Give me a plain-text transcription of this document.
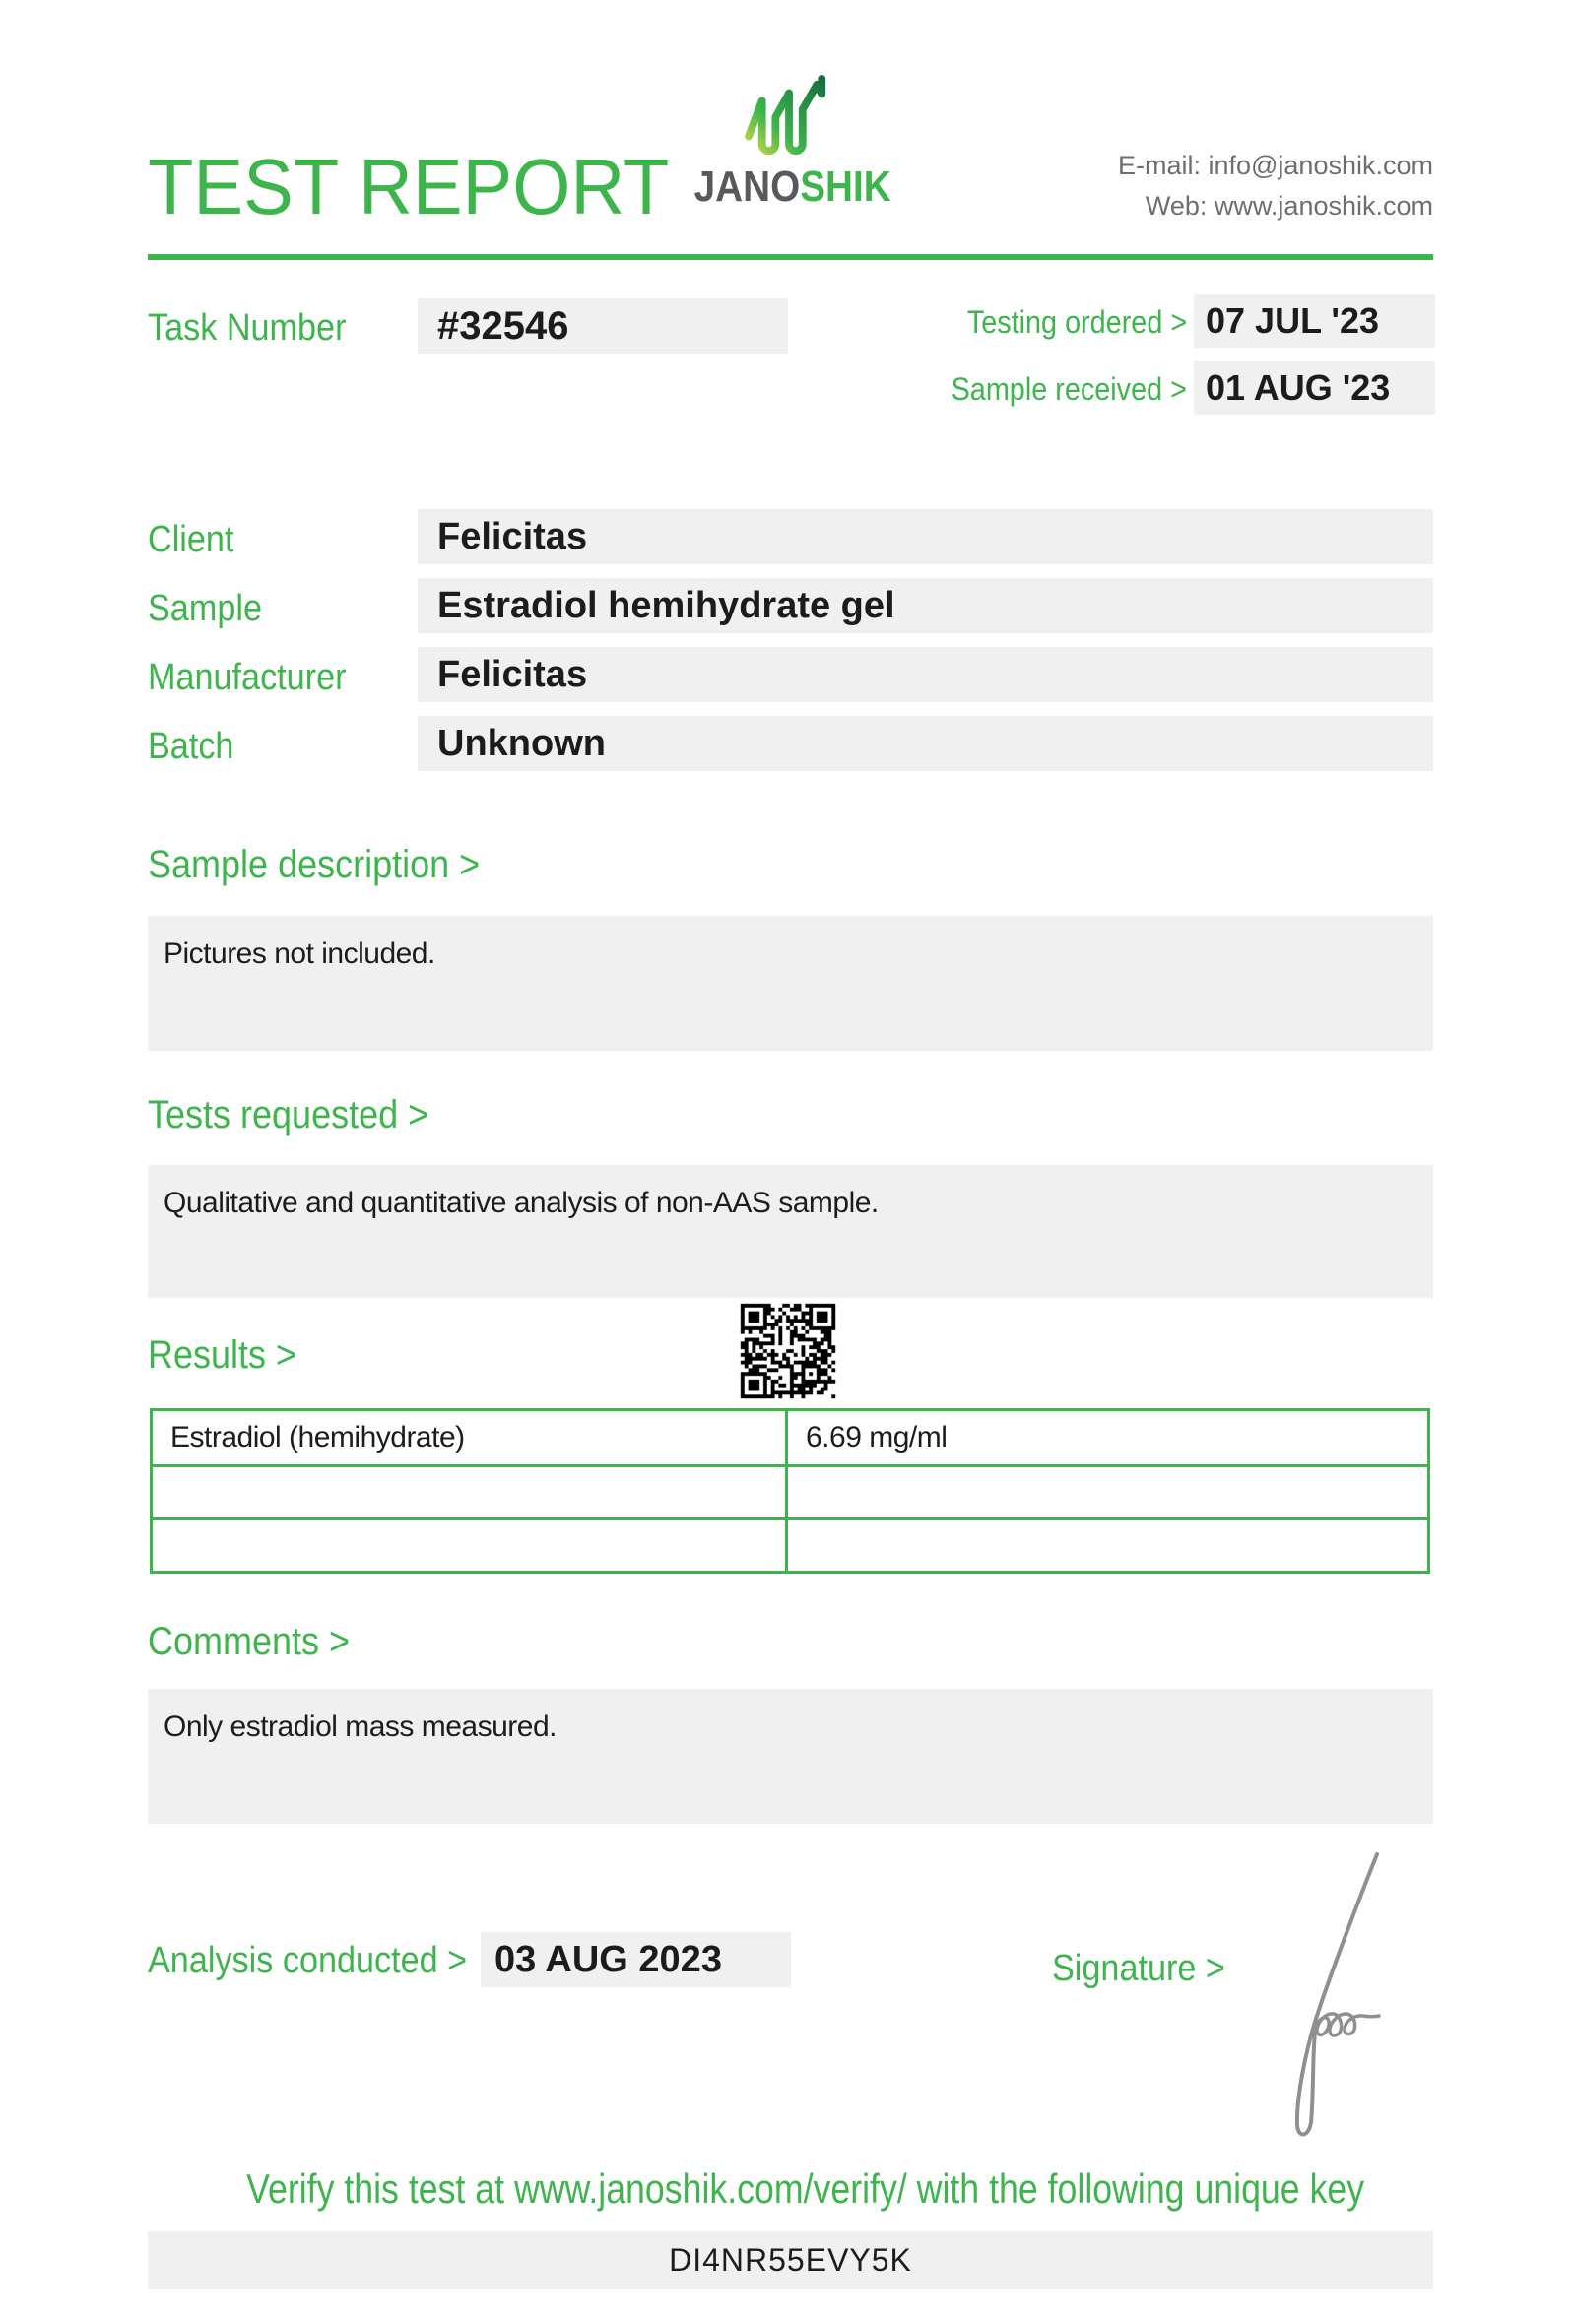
TEST REPORT JANOSHIK	E-mail: info@janoshik.com
Web: www.janoshik.com
Task Number	#32546	Testing ordered > 07 JUL '23
Sample received > 01 AUG '23
Client	Felicitas
Sample	Estradiol hemihydrate gel
Manufacturer	Felicitas
Batch	Unknown
Sample description >
Pictures not included.
Tests requested >
Qualitative and quantitative analysis of non-AAS sample.
Results >
Estradiol (hemihydrate)	6.69 mg/ml
Comments >
Only estradiol mass measured.
Analysis conducted > 03 AUG 2023	Signature >
Verify this test at www.janoshik.com/verify/ with the following unique key
DI4NR55EVY5K
